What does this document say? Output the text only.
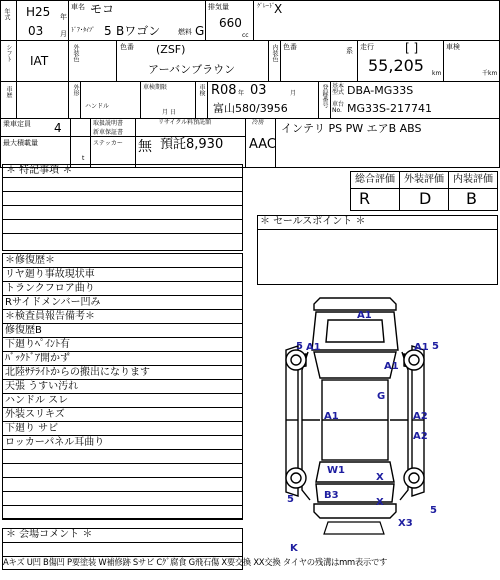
年式 H25 年
03 月
車名 モコ
ﾄﾞｱ･ﾀｲﾌﾟ 5 Bワゴン	燃料 G
排気量
660
cc
ｸﾞﾚｰﾄﾞ
X
シフト IAT	外装色	色番 (ZSF)
アーバンブラウン
内装色 色番	系 走行	[ ]
55,205 km
車検
千km
車歴	外形
ハンドル
車検期限
月 日
車検 R08 年 03	月
富山580/3956
登録番号 基本型式 DBA-MG33S
車台No. MG33S-217741
乗車定員 4
最大積載量
t
取扱説明書
新車保証書
ステッカー 無
リサイクル料預託額
預託8,930
冷房
AAC
インテリ PS PW エアB ABS
＊ 特記事項 ＊
＊修復歴＊
リヤ廻り事故現状車
トランクフロア曲り
Rサイドメンバー凹み
＊検査員報告備考＊
修復歴B
下廻りﾍﾟｲﾝﾄ有
ﾊﾞｯｸﾄﾞｱ開かず
北陸ｻﾃﾗｲﾄからの搬出になります
天張 うすい汚れ
ハンドル スレ
外装スリキズ
下廻り サビ
ロッカーパネル耳曲り
＊ 会場コメント ＊
総合評価
R
外装評価
D
内装評価
B
＊ セールスポイント ＊
A1
5 A1	A1 5
A1
G
A1	A2
A2
W1
X
5	B3
X
5
X3
K
Aキズ U凹 B傷凹 P要塗装 W補修跡 Sサビ Cｸﾞ腐食 G飛石傷 X要交換 XX交換 タイヤの残溝はmm表示です
